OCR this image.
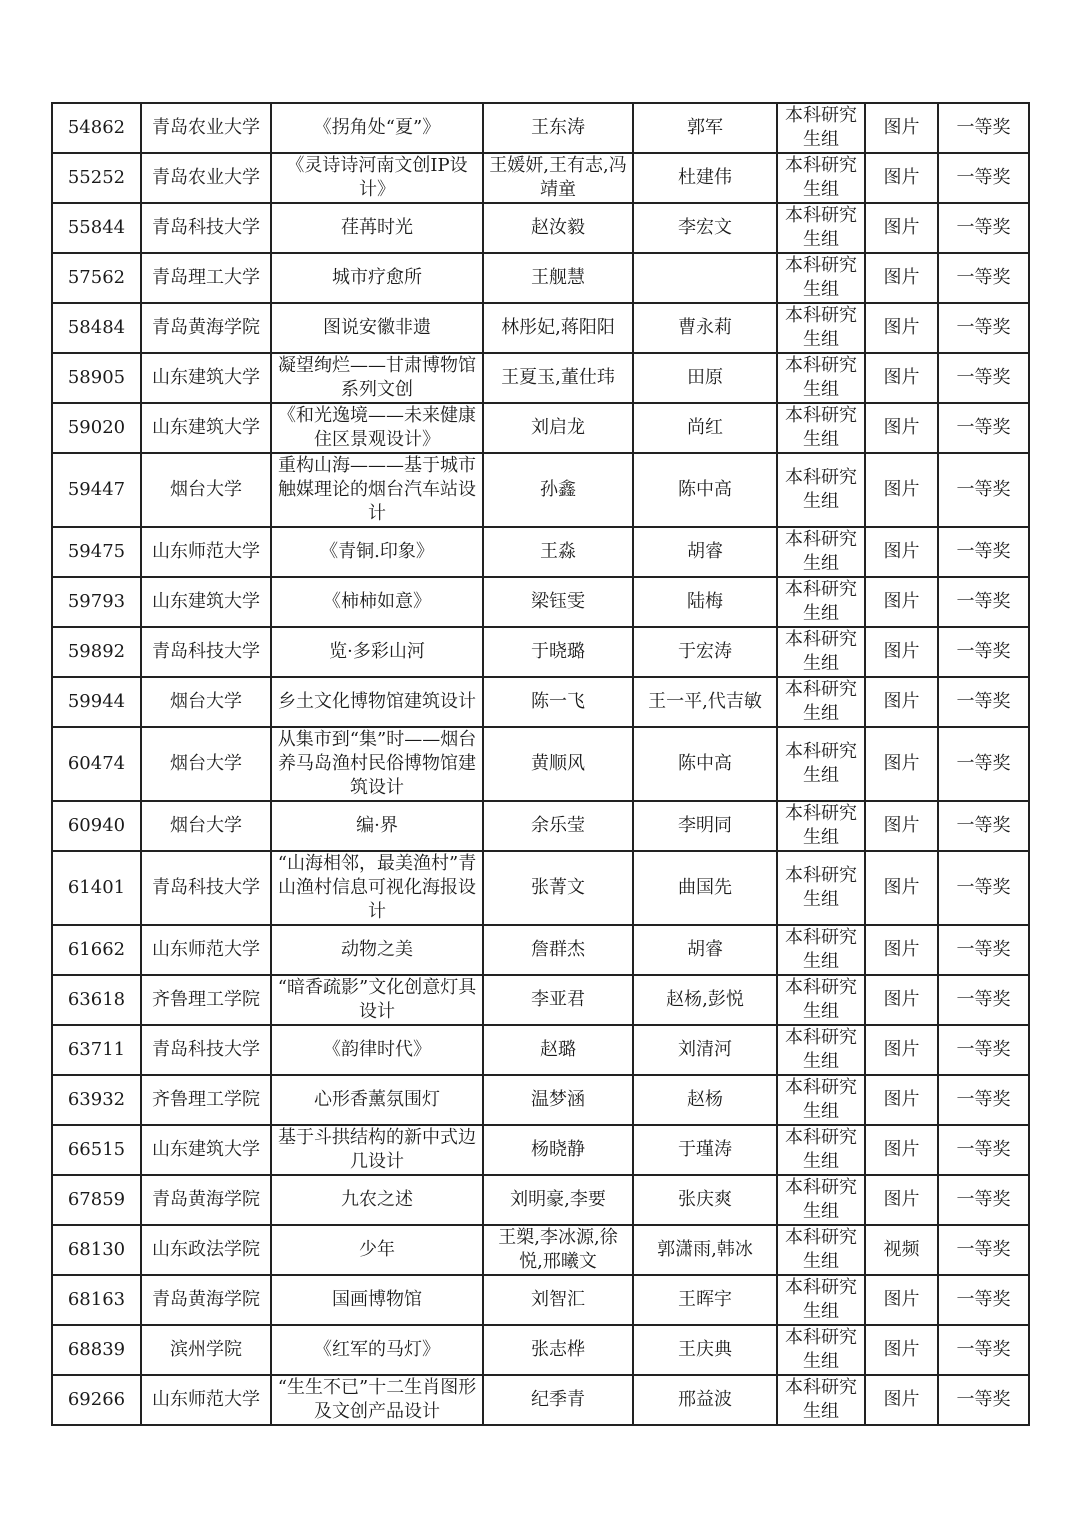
54862	青岛农业大学	《拐角处“夏”》	王东涛	郭军	本科研究生组	图片	一等奖
55252	青岛农业大学	《灵诗诗河南文创IP设计》	王媛妍,王有志,冯靖童	杜建伟	本科研究生组	图片	一等奖
55844	青岛科技大学	荏苒时光	赵汝毅	李宏文	本科研究生组	图片	一等奖
57562	青岛理工大学	城市疗愈所	王舰慧		本科研究生组	图片	一等奖
58484	青岛黄海学院	图说安徽非遗	林彤妃,蒋阳阳	曹永莉	本科研究生组	图片	一等奖
58905	山东建筑大学	凝望绚烂——甘肃博物馆系列文创	王夏玉,董仕玮	田原	本科研究生组	图片	一等奖
59020	山东建筑大学	《和光逸境——未来健康住区景观设计》	刘启龙	尚红	本科研究生组	图片	一等奖
59447	烟台大学	重构山海———基于城市触媒理论的烟台汽车站设计	孙鑫	陈中高	本科研究生组	图片	一等奖
59475	山东师范大学	《青铜.印象》	王淼	胡睿	本科研究生组	图片	一等奖
59793	山东建筑大学	《柿柿如意》	梁钰雯	陆梅	本科研究生组	图片	一等奖
59892	青岛科技大学	览·多彩山河	于晓璐	于宏涛	本科研究生组	图片	一等奖
59944	烟台大学	乡土文化博物馆建筑设计	陈一飞	王一平,代吉敏	本科研究生组	图片	一等奖
60474	烟台大学	从集市到“集”时——烟台养马岛渔村民俗博物馆建筑设计	黄顺风	陈中高	本科研究生组	图片	一等奖
60940	烟台大学	编·界	余乐莹	李明同	本科研究生组	图片	一等奖
61401	青岛科技大学	“山海相邻，最美渔村”青山渔村信息可视化海报设计	张菁文	曲国先	本科研究生组	图片	一等奖
61662	山东师范大学	动物之美	詹群杰	胡睿	本科研究生组	图片	一等奖
63618	齐鲁理工学院	“暗香疏影”文化创意灯具设计	李亚君	赵杨,彭悦	本科研究生组	图片	一等奖
63711	青岛科技大学	《韵律时代》	赵璐	刘清河	本科研究生组	图片	一等奖
63932	齐鲁理工学院	心形香薰氛围灯	温梦涵	赵杨	本科研究生组	图片	一等奖
66515	山东建筑大学	基于斗拱结构的新中式边几设计	杨晓静	于瑾涛	本科研究生组	图片	一等奖
67859	青岛黄海学院	九农之述	刘明豪,李要	张庆爽	本科研究生组	图片	一等奖
68130	山东政法学院	少年	王槊,李冰源,徐悦,邢曦文	郭潇雨,韩冰	本科研究生组	视频	一等奖
68163	青岛黄海学院	国画博物馆	刘智汇	王晖宇	本科研究生组	图片	一等奖
68839	滨州学院	《红军的马灯》	张志桦	王庆典	本科研究生组	图片	一等奖
69266	山东师范大学	“生生不已”十二生肖图形及文创产品设计	纪季青	邢益波	本科研究生组	图片	一等奖
